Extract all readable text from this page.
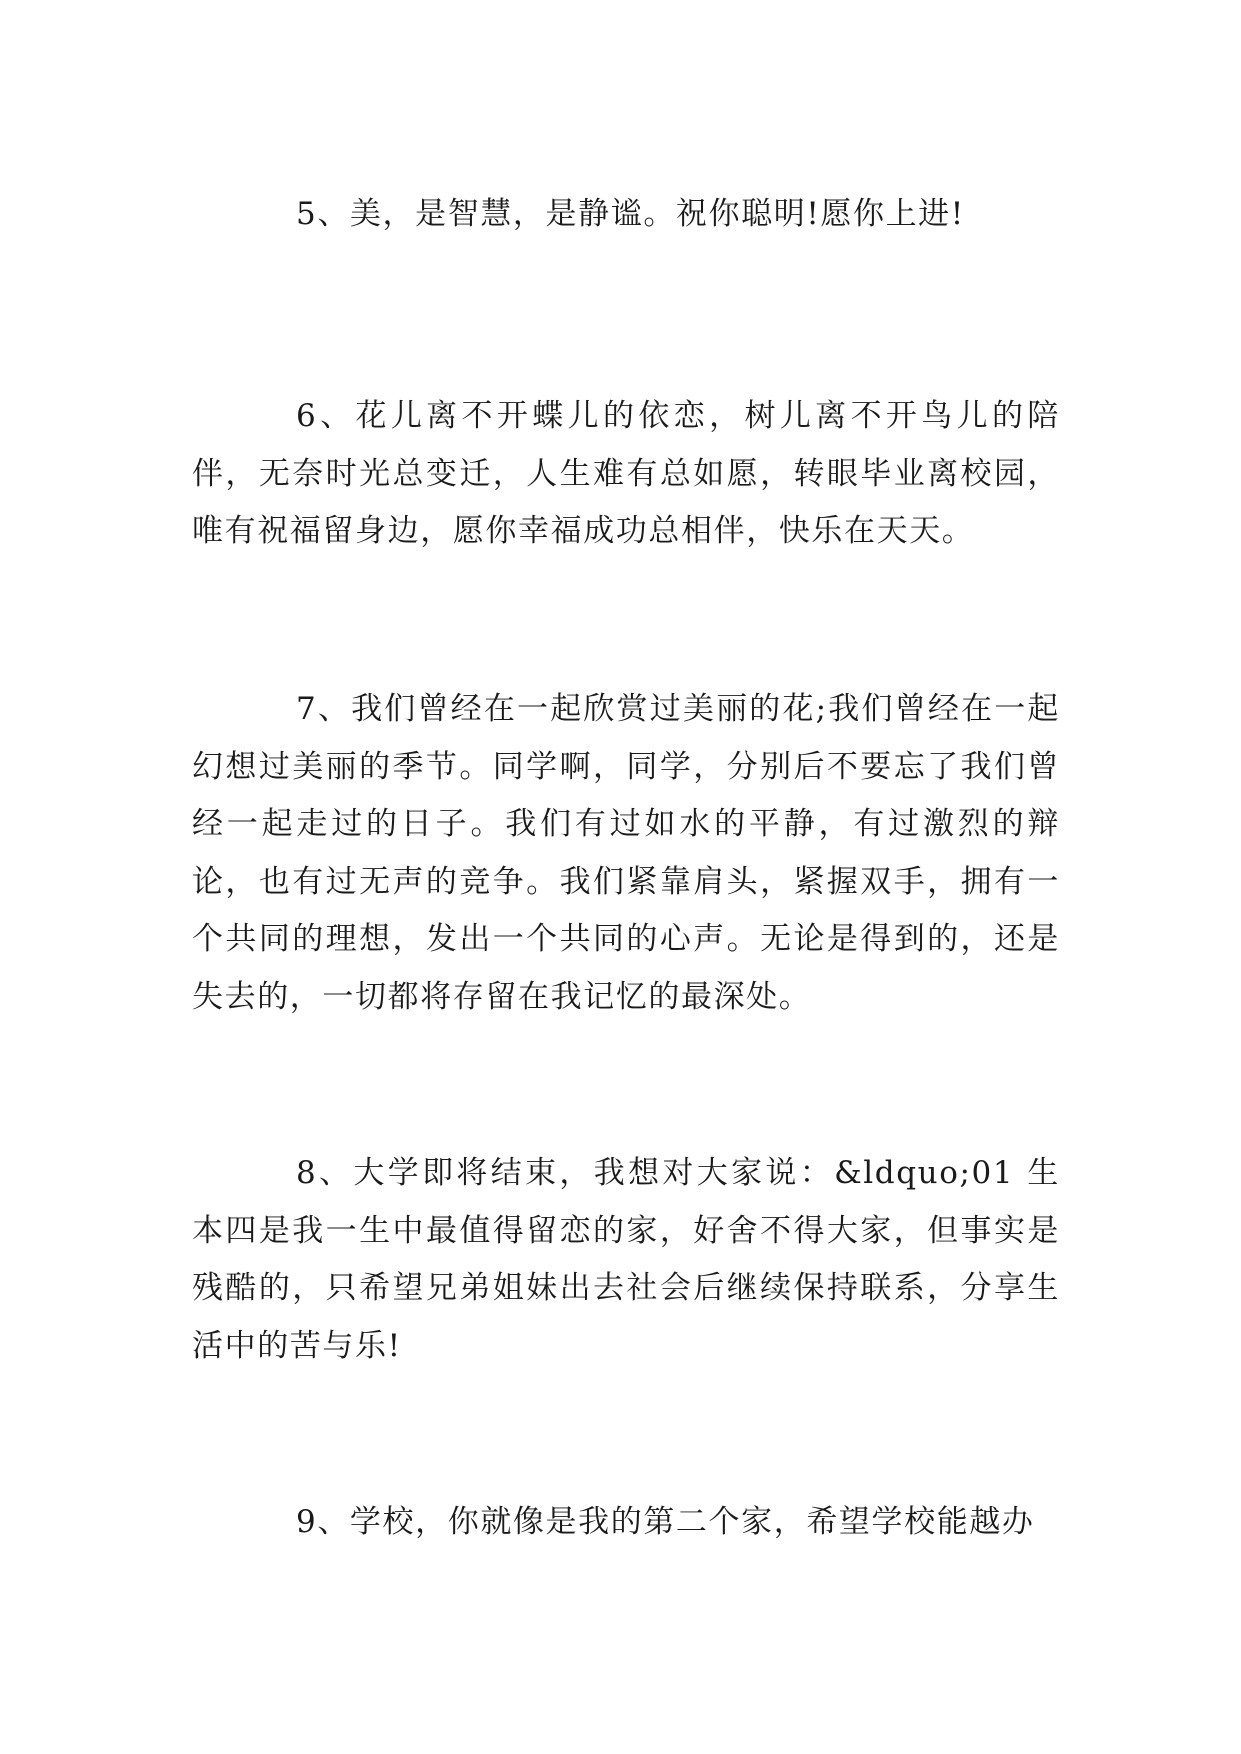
5、美，是智慧，是静谧。祝你聪明!愿你上进!

6、花儿离不开蝶儿的依恋，树儿离不开鸟儿的陪伴，无奈时光总变迁，人生难有总如愿，转眼毕业离校园，唯有祝福留身边，愿你幸福成功总相伴，快乐在天天。

7、我们曾经在一起欣赏过美丽的花;我们曾经在一起幻想过美丽的季节。同学啊，同学，分别后不要忘了我们曾经一起走过的日子。我们有过如水的平静，有过激烈的辩论，也有过无声的竞争。我们紧靠肩头，紧握双手，拥有一个共同的理想，发出一个共同的心声。无论是得到的，还是失去的，一切都将存留在我记忆的最深处。

8、大学即将结束，我想对大家说：&ldquo;01 生本四是我一生中最值得留恋的家，好舍不得大家，但事实是残酷的，只希望兄弟姐妹出去社会后继续保持联系，分享生活中的苦与乐!

9、学校，你就像是我的第二个家，希望学校能越办
